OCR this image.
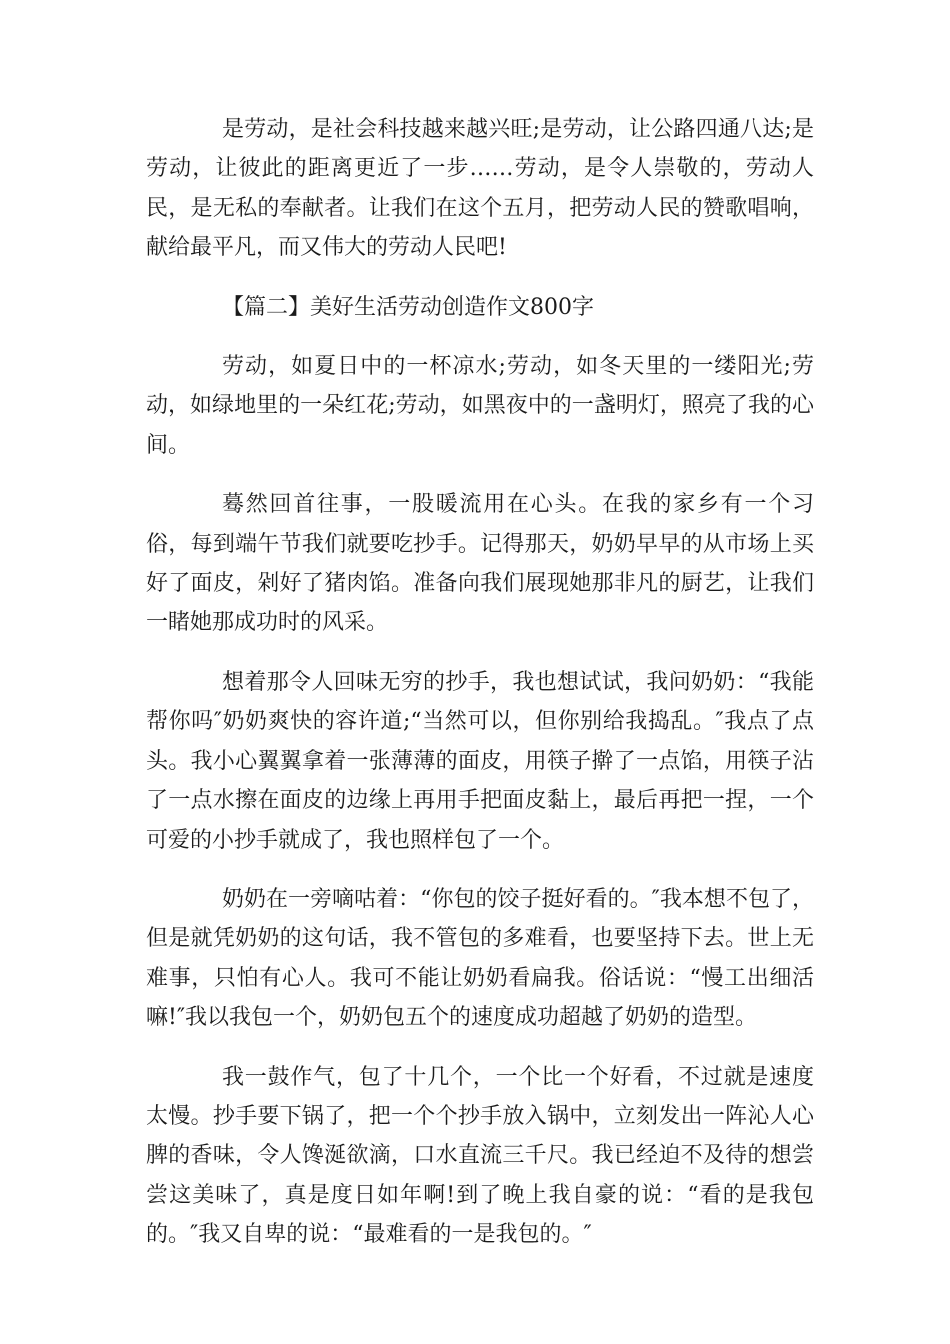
是劳动，是社会科技越来越兴旺;是劳动，让公路四通八达;是劳动，让彼此的距离更近了一步……劳动，是令人崇敬的，劳动人民，是无私的奉献者。让我们在这个五月，把劳动人民的赞歌唱响，献给最平凡，而又伟大的劳动人民吧!

【篇二】美好生活劳动创造作文800字

劳动，如夏日中的一杯凉水;劳动，如冬天里的一缕阳光;劳动，如绿地里的一朵红花;劳动，如黑夜中的一盏明灯，照亮了我的心间。

蓦然回首往事，一股暖流用在心头。在我的家乡有一个习俗，每到端午节我们就要吃抄手。记得那天，奶奶早早的从市场上买好了面皮，剁好了猪肉馅。准备向我们展现她那非凡的厨艺，让我们一睹她那成功时的风采。

想着那令人回味无穷的抄手，我也想试试，我问奶奶：“我能帮你吗″奶奶爽快的容许道;“当然可以，但你别给我捣乱。″我点了点头。我小心翼翼拿着一张薄薄的面皮，用筷子擀了一点馅，用筷子沾了一点水擦在面皮的边缘上再用手把面皮黏上，最后再把一捏，一个可爱的小抄手就成了，我也照样包了一个。

奶奶在一旁嘀咕着：“你包的饺子挺好看的。″我本想不包了，但是就凭奶奶的这句话，我不管包的多难看，也要坚持下去。世上无难事，只怕有心人。我可不能让奶奶看扁我。俗话说：“慢工出细活嘛!″我以我包一个，奶奶包五个的速度成功超越了奶奶的造型。

我一鼓作气，包了十几个，一个比一个好看，不过就是速度太慢。抄手要下锅了，把一个个抄手放入锅中，立刻发出一阵沁人心脾的香味，令人馋涎欲滴，口水直流三千尺。我已经迫不及待的想尝尝这美味了，真是度日如年啊!到了晚上我自豪的说：“看的是我包的。″我又自卑的说：“最难看的一是我包的。″
